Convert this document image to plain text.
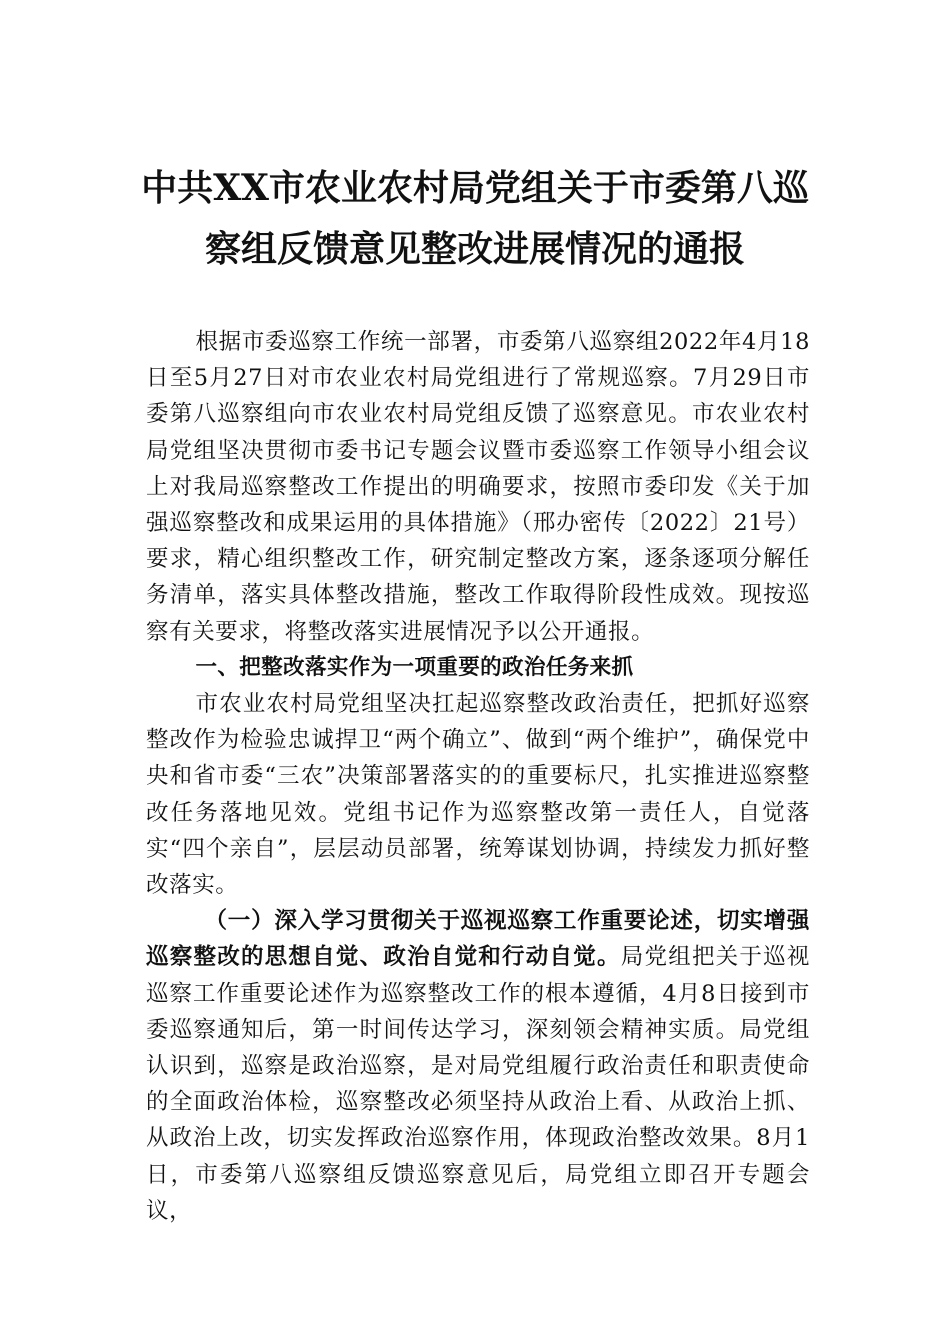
中共XX市农业农村局党组关于市委第八巡
察组反馈意见整改进展情况的通报

根据市委巡察工作统一部署，市委第八巡察组2022年4月18日至5月27日对市农业农村局党组进行了常规巡察。7月29日市委第八巡察组向市农业农村局党组反馈了巡察意见。市农业农村局党组坚决贯彻市委书记专题会议暨市委巡察工作领导小组会议上对我局巡察整改工作提出的明确要求，按照市委印发《关于加强巡察整改和成果运用的具体措施》（邢办密传〔2022〕21号）要求，精心组织整改工作，研究制定整改方案，逐条逐项分解任务清单，落实具体整改措施，整改工作取得阶段性成效。现按巡察有关要求，将整改落实进展情况予以公开通报。

一、把整改落实作为一项重要的政治任务来抓

市农业农村局党组坚决扛起巡察整改政治责任，把抓好巡察整改作为检验忠诚捍卫“两个确立”、做到“两个维护”，确保党中央和省市委“三农”决策部署落实的的重要标尺，扎实推进巡察整改任务落地见效。党组书记作为巡察整改第一责任人，自觉落实“四个亲自”，层层动员部署，统筹谋划协调，持续发力抓好整改落实。

（一）深入学习贯彻关于巡视巡察工作重要论述，切实增强巡察整改的思想自觉、政治自觉和行动自觉。局党组把关于巡视巡察工作重要论述作为巡察整改工作的根本遵循，4月8日接到市委巡察通知后，第一时间传达学习，深刻领会精神实质。局党组认识到，巡察是政治巡察，是对局党组履行政治责任和职责使命的全面政治体检，巡察整改必须坚持从政治上看、从政治上抓、从政治上改，切实发挥政治巡察作用，体现政治整改效果。8月1日，市委第八巡察组反馈巡察意见后，局党组立即召开专题会议，
